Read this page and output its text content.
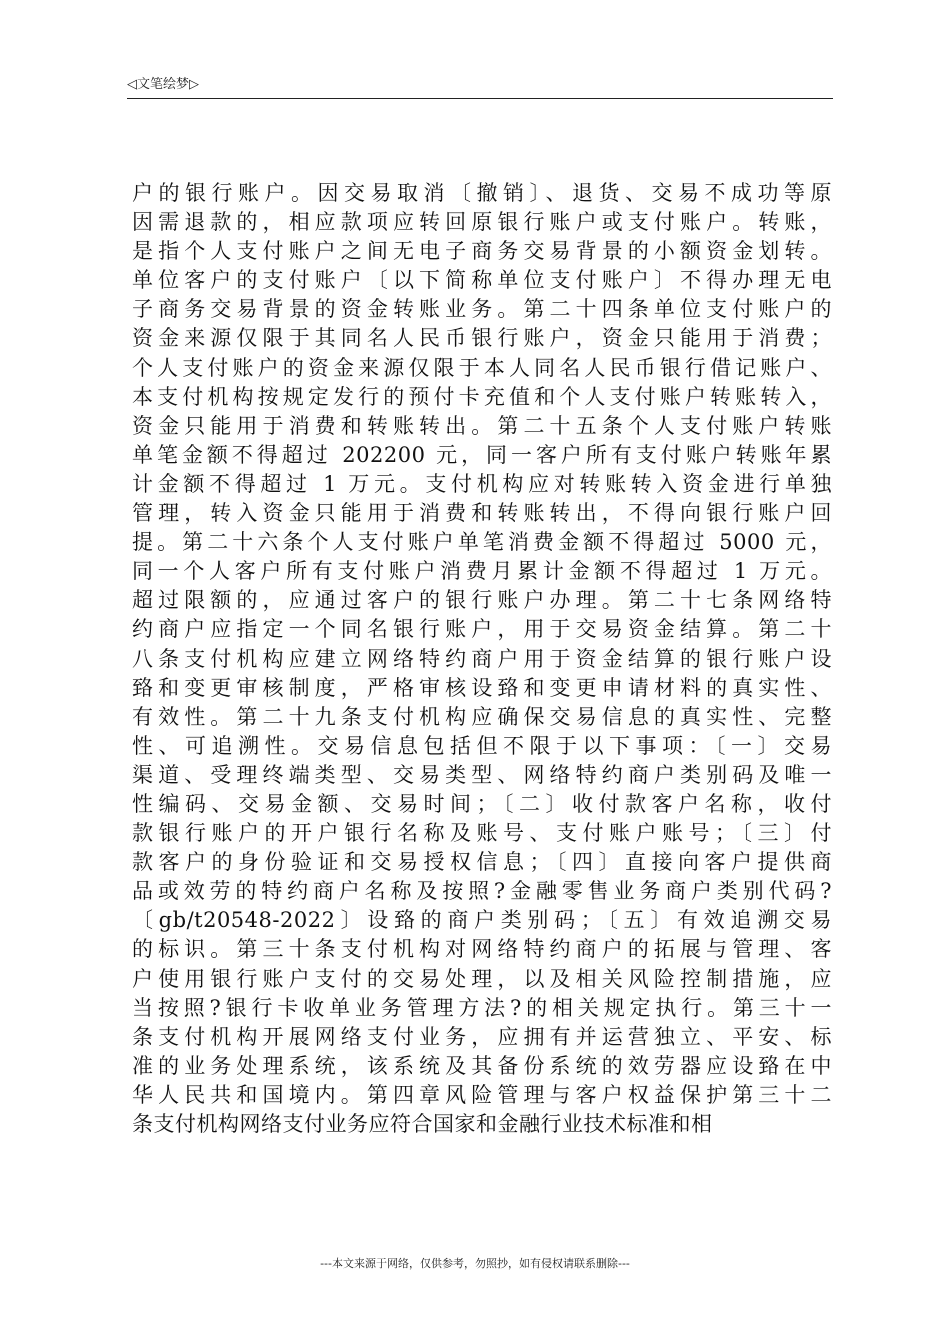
◁文笔绘梦▷
户的银行账户。因交易取消〔撤销〕、退货、交易不成功等原
因需退款的，相应款项应转回原银行账户或支付账户。转账，
是指个人支付账户之间无电子商务交易背景的小额资金划转。
单位客户的支付账户〔以下简称单位支付账户〕不得办理无电
子商务交易背景的资金转账业务。第二十四条单位支付账户的
资金来源仅限于其同名人民币银行账户，资金只能用于消费；
个人支付账户的资金来源仅限于本人同名人民币银行借记账户、
本支付机构按规定发行的预付卡充值和个人支付账户转账转入，
资金只能用于消费和转账转出。第二十五条个人支付账户转账
单笔金额不得超过 202200 元，同一客户所有支付账户转账年累
计金额不得超过 1 万元。支付机构应对转账转入资金进行单独
管理，转入资金只能用于消费和转账转出，不得向银行账户回
提。第二十六条个人支付账户单笔消费金额不得超过 5000 元，
同一个人客户所有支付账户消费月累计金额不得超过 1 万元。
超过限额的，应通过客户的银行账户办理。第二十七条网络特
约商户应指定一个同名银行账户，用于交易资金结算。第二十
八条支付机构应建立网络特约商户用于资金结算的银行账户设
臵和变更审核制度，严格审核设臵和变更申请材料的真实性、
有效性。第二十九条支付机构应确保交易信息的真实性、完整
性、可追溯性。交易信息包括但不限于以下事项：〔一〕交易
渠道、受理终端类型、交易类型、网络特约商户类别码及唯一
性编码、交易金额、交易时间；〔二〕收付款客户名称，收付
款银行账户的开户银行名称及账号、支付账户账号；〔三〕付
款客户的身份验证和交易授权信息；〔四〕直接向客户提供商
品或效劳的特约商户名称及按照?金融零售业务商户类别代码?
〔gb/t20548-2022〕设臵的商户类别码；〔五〕有效追溯交易
的标识。第三十条支付机构对网络特约商户的拓展与管理、客
户使用银行账户支付的交易处理，以及相关风险控制措施，应
当按照?银行卡收单业务管理方法?的相关规定执行。第三十一
条支付机构开展网络支付业务，应拥有并运营独立、平安、标
准的业务处理系统，该系统及其备份系统的效劳器应设臵在中
华人民共和国境内。第四章风险管理与客户权益保护第三十二
条支付机构网络支付业务应符合国家和金融行业技术标准和相
---本文来源于网络，仅供参考，勿照抄，如有侵权请联系删除---
